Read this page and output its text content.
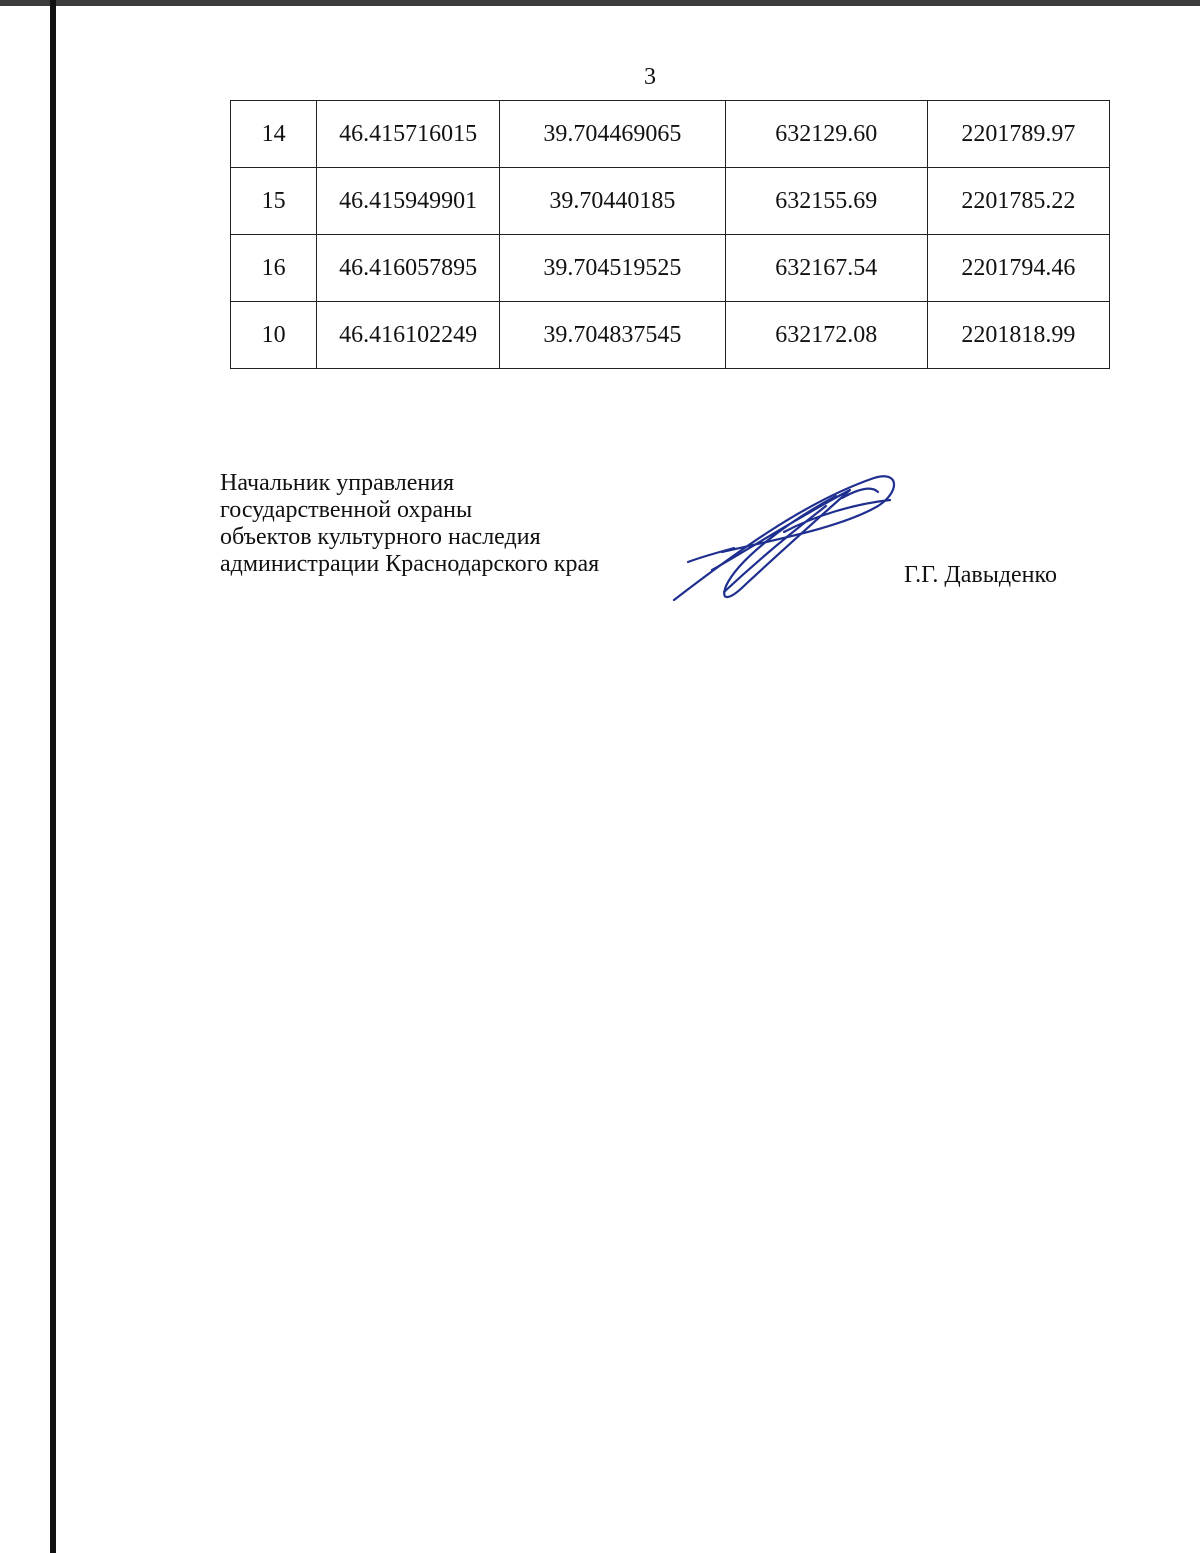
3
14	46.415716015	39.704469065	632129.60	2201789.97
15	46.415949901	39.70440185	632155.69	2201785.22
16	46.416057895	39.704519525	632167.54	2201794.46
10	46.416102249	39.704837545	632172.08	2201818.99
Начальник управления
государственной охраны
объектов культурного наследия
администрации Краснодарского края	Г.Г. Давыденко
